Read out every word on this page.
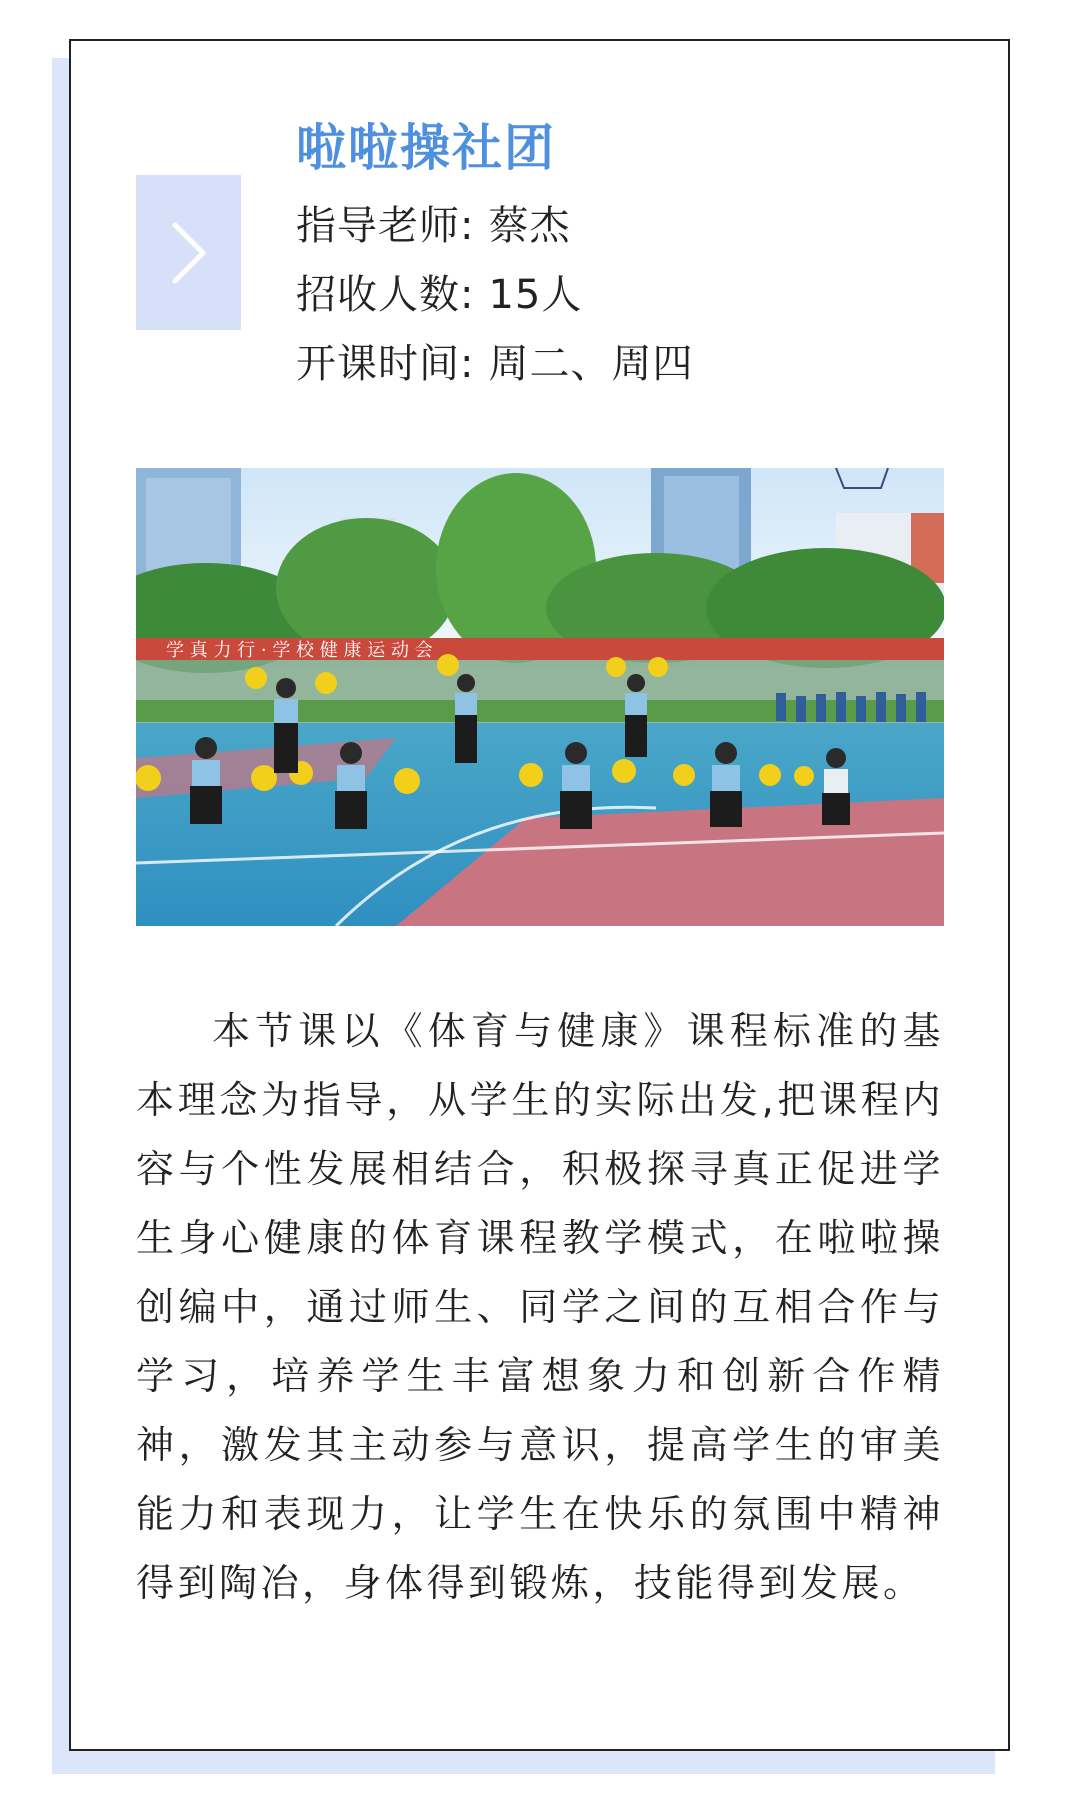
啦啦操社团
指导老师: 蔡杰
招收人数: 15人
开课时间: 周二、周四
学 真 力 行 · 学 校 健 康 运 动 会
本节课以《体育与健康》课程标准的基本理念为指导，从学生的实际出发,把课程内容与个性发展相结合，积极探寻真正促进学生身心健康的体育课程教学模式，在啦啦操创编中，通过师生、同学之间的互相合作与学习，培养学生丰富想象力和创新合作精神，激发其主动参与意识，提高学生的审美能力和表现力，让学生在快乐的氛围中精神得到陶冶，身体得到锻炼，技能得到发展。
